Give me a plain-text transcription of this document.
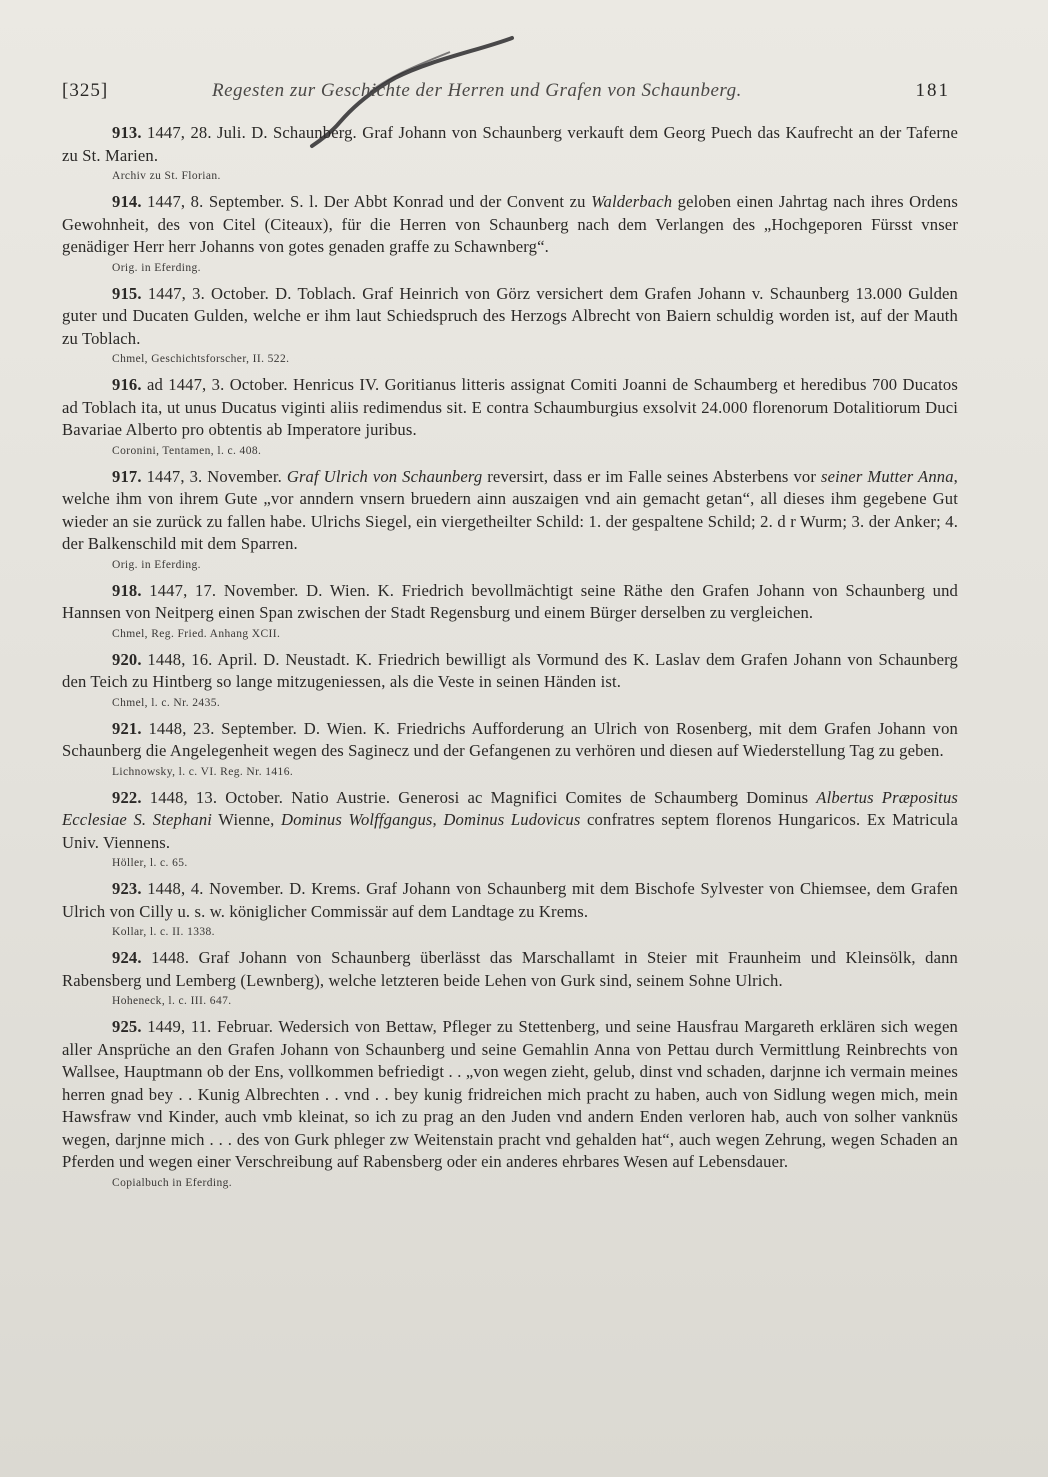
[325]	Regesten zur Geschichte der Herren und Grafen von Schaunberg.	181

913. 1447, 28. Juli. D. Schaunberg. Graf Johann von Schaunberg verkauft dem Georg Puech das Kaufrecht an der Taferne zu St. Marien.

Archiv zu St. Florian.

914. 1447, 8. September. S. l. Der Abbt Konrad und der Convent zu Walderbach geloben einen Jahrtag nach ihres Ordens Gewohnheit, des von Citel (Citeaux), für die Herren von Schaunberg nach dem Verlangen des „Hochgeporen Fürsst vnser genädiger Herr herr Johanns von gotes genaden graffe zu Schawnberg“.

Orig. in Eferding.

915. 1447, 3. October. D. Toblach. Graf Heinrich von Görz versichert dem Grafen Johann v. Schaunberg 13.000 Gulden guter und Ducaten Gulden, welche er ihm laut Schiedspruch des Herzogs Albrecht von Baiern schuldig worden ist, auf der Mauth zu Toblach.

Chmel, Geschichtsforscher, II. 522.

916. ad 1447, 3. October. Henricus IV. Goritianus litteris assignat Comiti Joanni de Schaumberg et heredibus 700 Ducatos ad Toblach ita, ut unus Ducatus viginti aliis redimendus sit. E contra Schaumburgius exsolvit 24.000 florenorum Dotalitiorum Duci Bavariae Alberto pro obtentis ab Imperatore juribus.

Coronini, Tentamen, l. c. 408.

917. 1447, 3. November. Graf Ulrich von Schaunberg reversirt, dass er im Falle seines Absterbens vor seiner Mutter Anna, welche ihm von ihrem Gute „vor anndern vnsern bruedern ainn auszaigen vnd ain gemacht getan“, all dieses ihm gegebene Gut wieder an sie zurück zu fallen habe. Ulrichs Siegel, ein viergetheilter Schild: 1. der gespaltene Schild; 2. d r Wurm; 3. der Anker; 4. der Balkenschild mit dem Sparren.

Orig. in Eferding.

918. 1447, 17. November. D. Wien. K. Friedrich bevollmächtigt seine Räthe den Grafen Johann von Schaunberg und Hannsen von Neitperg einen Span zwischen der Stadt Regensburg und einem Bürger derselben zu vergleichen.

Chmel, Reg. Fried. Anhang XCII.

920. 1448, 16. April. D. Neustadt. K. Friedrich bewilligt als Vormund des K. Laslav dem Grafen Johann von Schaunberg den Teich zu Hintberg so lange mitzugeniessen, als die Veste in seinen Händen ist.

Chmel, l. c. Nr. 2435.

921. 1448, 23. September. D. Wien. K. Friedrichs Aufforderung an Ulrich von Rosenberg, mit dem Grafen Johann von Schaunberg die Angelegenheit wegen des Saginecz und der Gefangenen zu verhören und diesen auf Wiederstellung Tag zu geben.

Lichnowsky, l. c. VI. Reg. Nr. 1416.

922. 1448, 13. October. Natio Austrie. Generosi ac Magnifici Comites de Schaumberg Dominus Albertus Præpositus Ecclesiae S. Stephani Wienne, Dominus Wolffgangus, Dominus Ludovicus confratres septem florenos Hungaricos. Ex Matricula Univ. Viennens.

Höller, l. c. 65.

923. 1448, 4. November. D. Krems. Graf Johann von Schaunberg mit dem Bischofe Sylvester von Chiemsee, dem Grafen Ulrich von Cilly u. s. w. königlicher Commissär auf dem Landtage zu Krems.

Kollar, l. c. II. 1338.

924. 1448. Graf Johann von Schaunberg überlässt das Marschallamt in Steier mit Fraunheim und Kleinsölk, dann Rabensberg und Lemberg (Lewnberg), welche letzteren beide Lehen von Gurk sind, seinem Sohne Ulrich.

Hoheneck, l. c. III. 647.

925. 1449, 11. Februar. Wedersich von Bettaw, Pfleger zu Stettenberg, und seine Hausfrau Margareth erklären sich wegen aller Ansprüche an den Grafen Johann von Schaunberg und seine Gemahlin Anna von Pettau durch Vermittlung Reinbrechts von Wallsee, Hauptmann ob der Ens, vollkommen befriedigt . . „von wegen zieht, gelub, dinst vnd schaden, darjnne ich vermain meines herren gnad bey . . Kunig Albrechten . . vnd . . bey kunig fridreichen mich pracht zu haben, auch von Sidlung wegen mich, mein Hawsfraw vnd Kinder, auch vmb kleinat, so ich zu prag an den Juden vnd andern Enden verloren hab, auch von solher vanknüs wegen, darjnne mich . . . des von Gurk phleger zw Weitenstain pracht vnd gehalden hat“, auch wegen Zehrung, wegen Schaden an Pferden und wegen einer Verschreibung auf Rabensberg oder ein anderes ehrbares Wesen auf Lebensdauer.

Copialbuch in Eferding.
